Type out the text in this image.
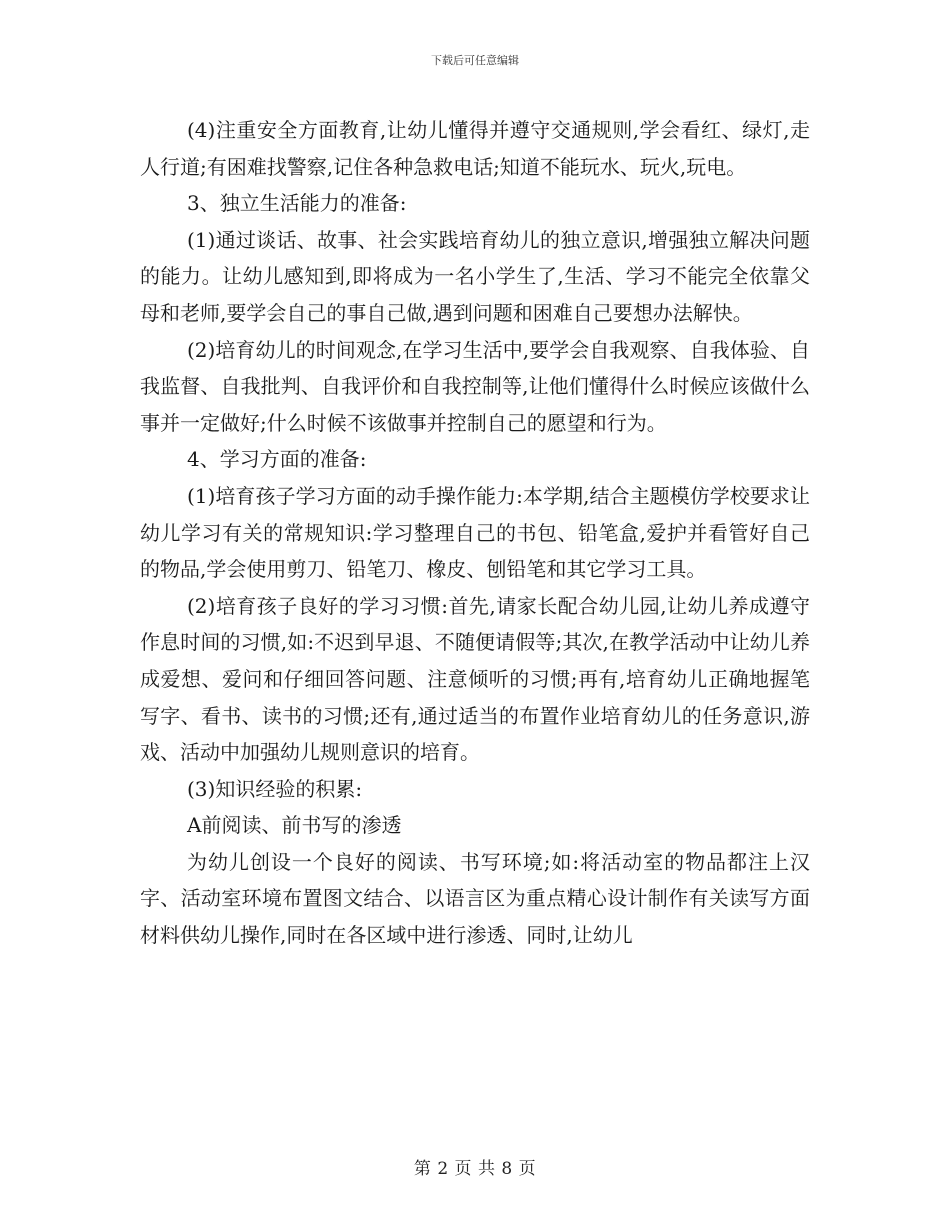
下载后可任意编辑

(4)注重安全方面教育,让幼儿懂得并遵守交通规则,学会看红、绿灯,走人行道;有困难找警察,记住各种急救电话;知道不能玩水、玩火,玩电。

3、独立生活能力的准备:

(1)通过谈话、故事、社会实践培育幼儿的独立意识,增强独立解决问题的能力。让幼儿感知到,即将成为一名小学生了,生活、学习不能完全依靠父母和老师,要学会自己的事自己做,遇到问题和困难自己要想办法解快。

(2)培育幼儿的时间观念,在学习生活中,要学会自我观察、自我体验、自我监督、自我批判、自我评价和自我控制等,让他们懂得什么时候应该做什么事并一定做好;什么时候不该做事并控制自己的愿望和行为。

4、学习方面的准备:

(1)培育孩子学习方面的动手操作能力:本学期,结合主题模仿学校要求让幼儿学习有关的常规知识:学习整理自己的书包、铅笔盒,爱护并看管好自己的物品,学会使用剪刀、铅笔刀、橡皮、刨铅笔和其它学习工具。

(2)培育孩子良好的学习习惯:首先,请家长配合幼儿园,让幼儿养成遵守作息时间的习惯,如:不迟到早退、不随便请假等;其次,在教学活动中让幼儿养成爱想、爱问和仔细回答问题、注意倾听的习惯;再有,培育幼儿正确地握笔写字、看书、读书的习惯;还有,通过适当的布置作业培育幼儿的任务意识,游戏、活动中加强幼儿规则意识的培育。

(3)知识经验的积累:

A前阅读、前书写的渗透

为幼儿创设一个良好的阅读、书写环境;如:将活动室的物品都注上汉字、活动室环境布置图文结合、以语言区为重点精心设计制作有关读写方面材料供幼儿操作,同时在各区域中进行渗透、同时,让幼儿

第 2 页 共 8 页
